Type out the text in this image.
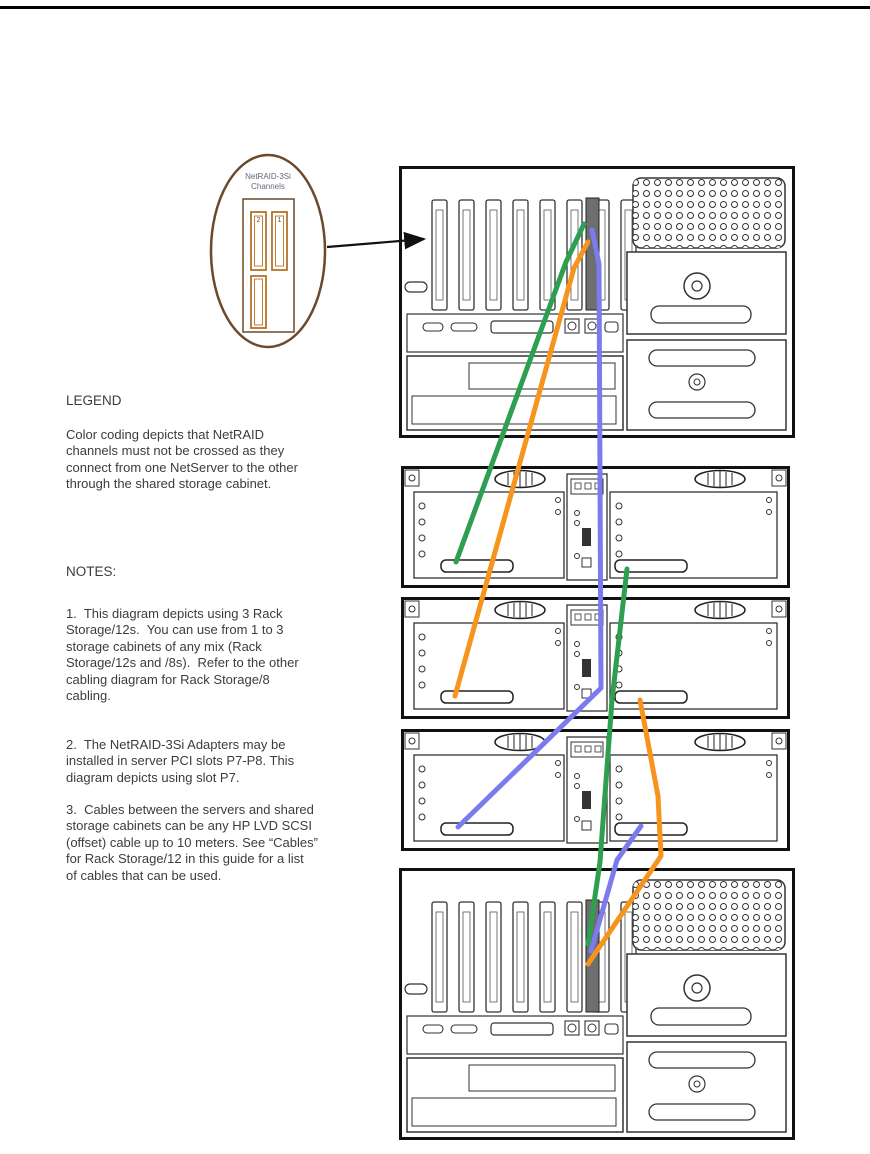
LEGEND
Color coding depicts that NetRAID channels must not be crossed as they connect from one NetServer to the other through the shared storage cabinet.
NOTES:
1.  This diagram depicts using 3 Rack Storage/12s.  You can use from 1 to 3 storage cabinets of any mix (Rack Storage/12s and /8s).  Refer to the other cabling diagram for Rack Storage/8 cabling.
2.  The NetRAID-3Si Adapters may be installed in server PCI slots P7-P8. This diagram depicts using slot P7.
3.  Cables between the servers and shared storage cabinets can be any HP LVD SCSI (offset) cable up to 10 meters. See “Cables” for Rack Storage/12 in this guide for a list of cables that can be used.
NetRAID-3Si
Channels
2 1
